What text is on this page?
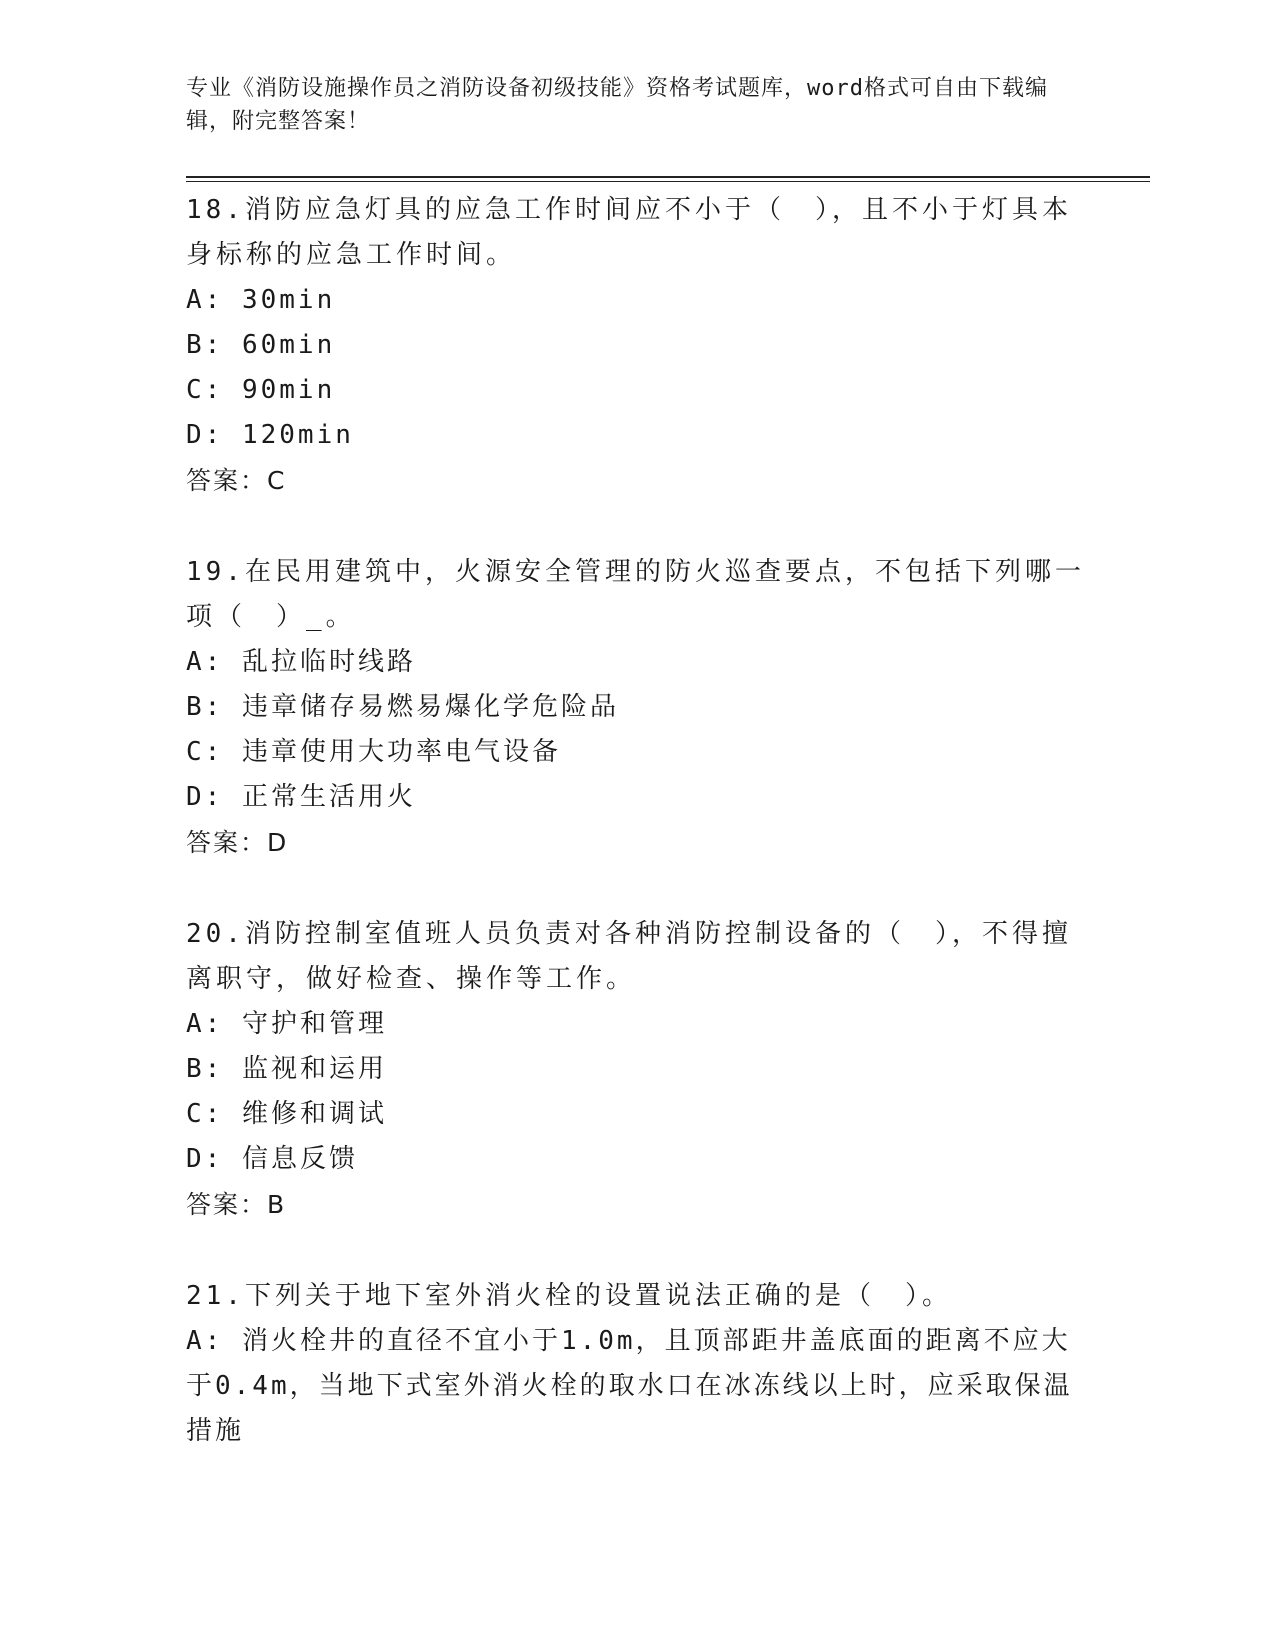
专业《消防设施操作员之消防设备初级技能》资格考试题库，word格式可自由下载编辑，附完整答案！
18.消防应急灯具的应急工作时间应不小于（　），且不小于灯具本身标称的应急工作时间。
A: 30min
B: 60min
C: 90min
D: 120min
答案：C
19.在民用建筑中，火源安全管理的防火巡查要点，不包括下列哪一项（　）_。
A: 乱拉临时线路
B: 违章储存易燃易爆化学危险品
C: 违章使用大功率电气设备
D: 正常生活用火
答案：D
20.消防控制室值班人员负责对各种消防控制设备的（　），不得擅离职守，做好检查、操作等工作。
A: 守护和管理
B: 监视和运用
C: 维修和调试
D: 信息反馈
答案：B
21.下列关于地下室外消火栓的设置说法正确的是（　）。
A: 消火栓井的直径不宜小于1.0m，且顶部距井盖底面的距离不应大于0.4m，当地下式室外消火栓的取水口在冰冻线以上时，应采取保温措施
